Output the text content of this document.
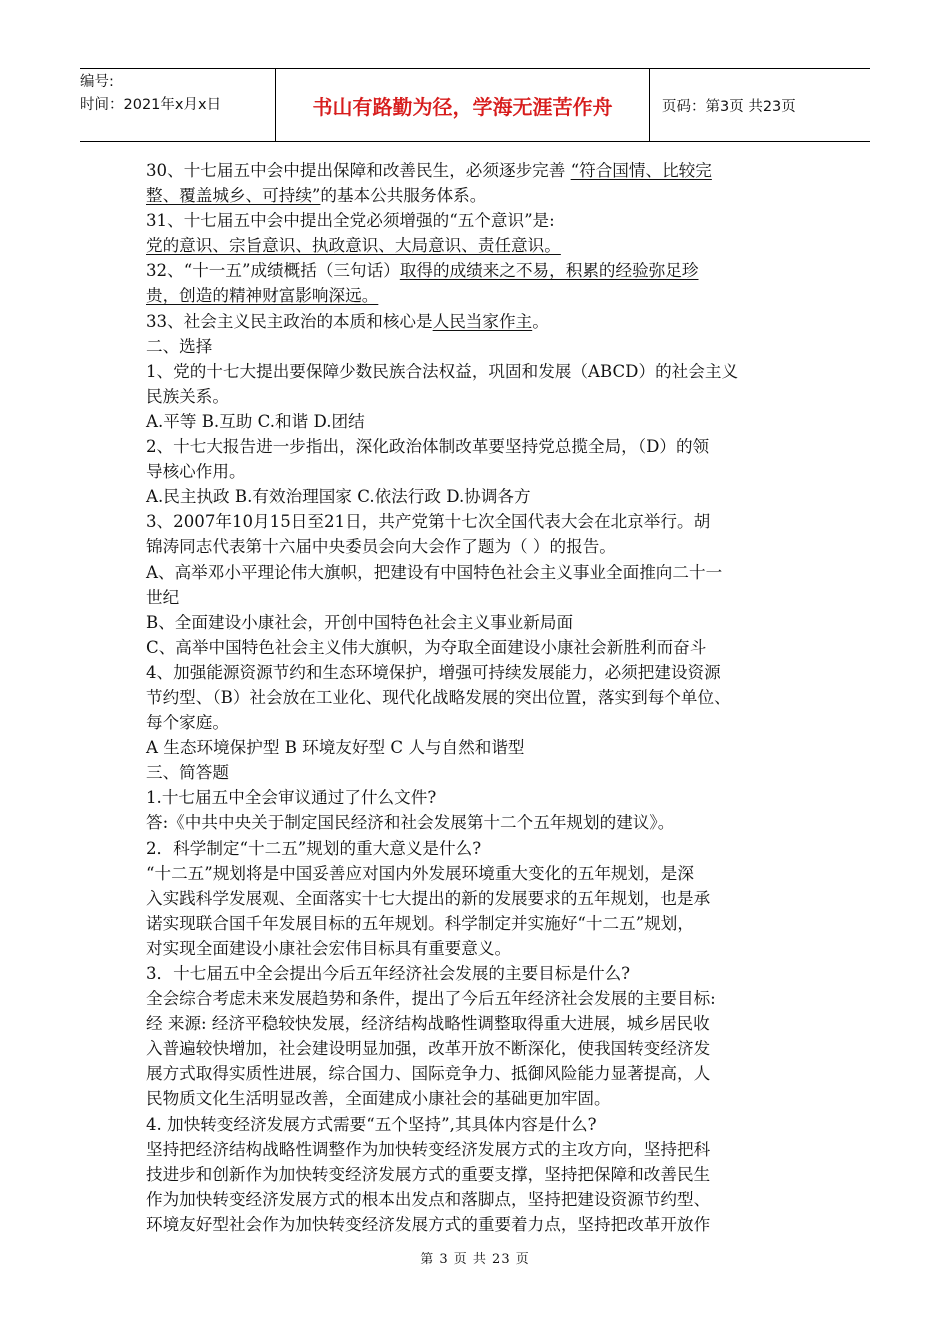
编号:
时间：2021年x月x日	书山有路勤为径，学海无涯苦作舟	页码：第3页 共23页
30、十七届五中会中提出保障和改善民生，必须逐步完善 “符合国情、比较完
整、覆盖城乡、可持续”的基本公共服务体系。
31、十七届五中会中提出全党必须增强的“五个意识”是:
党的意识、宗旨意识、执政意识、大局意识、责任意识。
32、“十一五”成绩概括（三句话）取得的成绩来之不易，积累的经验弥足珍
贵，创造的精神财富影响深远。
33、社会主义民主政治的本质和核心是人民当家作主。
二、选择
1、党的十七大提出要保障少数民族合法权益，巩固和发展（ABCD）的社会主义
民族关系。
A.平等 B.互助 C.和谐 D.团结
2、十七大报告进一步指出，深化政治体制改革要坚持党总揽全局，（D）的领
导核心作用。
A.民主执政 B.有效治理国家 C.依法行政 D.协调各方
3、2007年10月15日至21日，共产党第十七次全国代表大会在北京举行。胡
锦涛同志代表第十六届中央委员会向大会作了题为（ ）的报告。
A、高举邓小平理论伟大旗帜，把建设有中国特色社会主义事业全面推向二十一
世纪
B、全面建设小康社会，开创中国特色社会主义事业新局面
C、高举中国特色社会主义伟大旗帜，为夺取全面建设小康社会新胜利而奋斗
4、加强能源资源节约和生态环境保护，增强可持续发展能力，必须把建设资源
节约型、（B）社会放在工业化、现代化战略发展的突出位置，落实到每个单位、
每个家庭。
A 生态环境保护型 B 环境友好型 C 人与自然和谐型
三、简答题
1.十七届五中全会审议通过了什么文件?
答:《中共中央关于制定国民经济和社会发展第十二个五年规划的建议》。
2．科学制定“十二五”规划的重大意义是什么?
“十二五”规划将是中国妥善应对国内外发展环境重大变化的五年规划，是深
入实践科学发展观、全面落实十七大提出的新的发展要求的五年规划，也是承
诺实现联合国千年发展目标的五年规划。科学制定并实施好“十二五”规划，
对实现全面建设小康社会宏伟目标具有重要意义。
3．十七届五中全会提出今后五年经济社会发展的主要目标是什么?
全会综合考虑未来发展趋势和条件，提出了今后五年经济社会发展的主要目标:
经 来源: 经济平稳较快发展，经济结构战略性调整取得重大进展，城乡居民收
入普遍较快增加，社会建设明显加强，改革开放不断深化，使我国转变经济发
展方式取得实质性进展，综合国力、国际竞争力、抵御风险能力显著提高，人
民物质文化生活明显改善，全面建成小康社会的基础更加牢固。
4. 加快转变经济发展方式需要“五个坚持”,其具体内容是什么?
坚持把经济结构战略性调整作为加快转变经济发展方式的主攻方向，坚持把科
技进步和创新作为加快转变经济发展方式的重要支撑，坚持把保障和改善民生
作为加快转变经济发展方式的根本出发点和落脚点，坚持把建设资源节约型、
环境友好型社会作为加快转变经济发展方式的重要着力点，坚持把改革开放作
第 3 页 共 23 页
